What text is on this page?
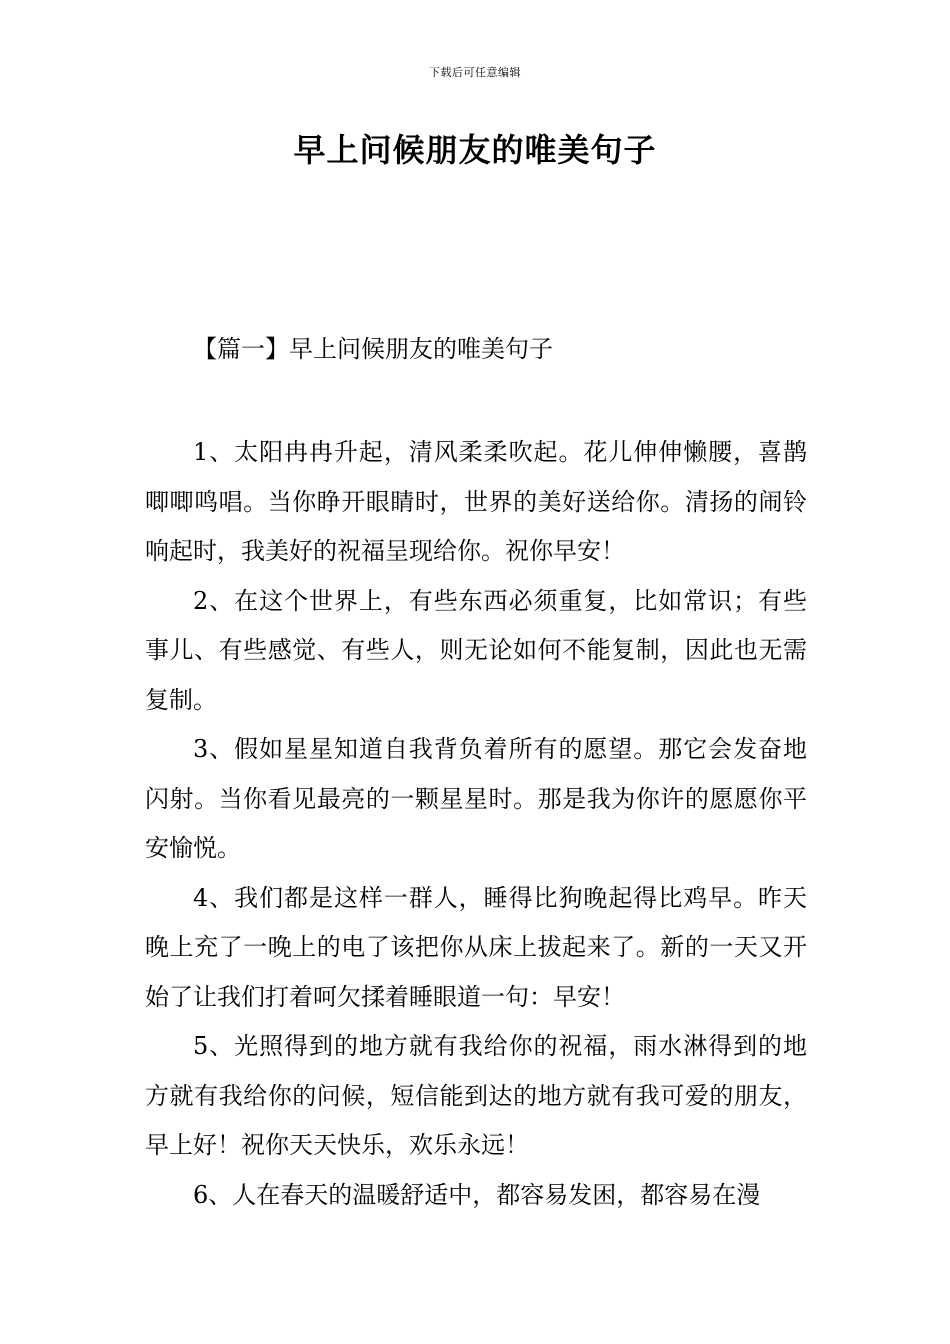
下载后可任意编辑
早上问候朋友的唯美句子
【篇一】早上问候朋友的唯美句子

1、太阳冉冉升起，清风柔柔吹起。花儿伸伸懒腰，喜鹊唧唧鸣唱。当你睁开眼睛时，世界的美好送给你。清扬的闹铃响起时，我美好的祝福呈现给你。祝你早安！

2、在这个世界上，有些东西必须重复，比如常识；有些事儿、有些感觉、有些人，则无论如何不能复制，因此也无需复制。

3、假如星星知道自我背负着所有的愿望。那它会发奋地闪射。当你看见最亮的一颗星星时。那是我为你许的愿愿你平安愉悦。

4、我们都是这样一群人，睡得比狗晚起得比鸡早。昨天晚上充了一晚上的电了该把你从床上拔起来了。新的一天又开始了让我们打着呵欠揉着睡眼道一句：早安！

5、光照得到的地方就有我给你的祝福，雨水淋得到的地方就有我给你的问候，短信能到达的地方就有我可爱的朋友，早上好！祝你天天快乐，欢乐永远！

6、人在春天的温暖舒适中，都容易发困，都容易在漫
